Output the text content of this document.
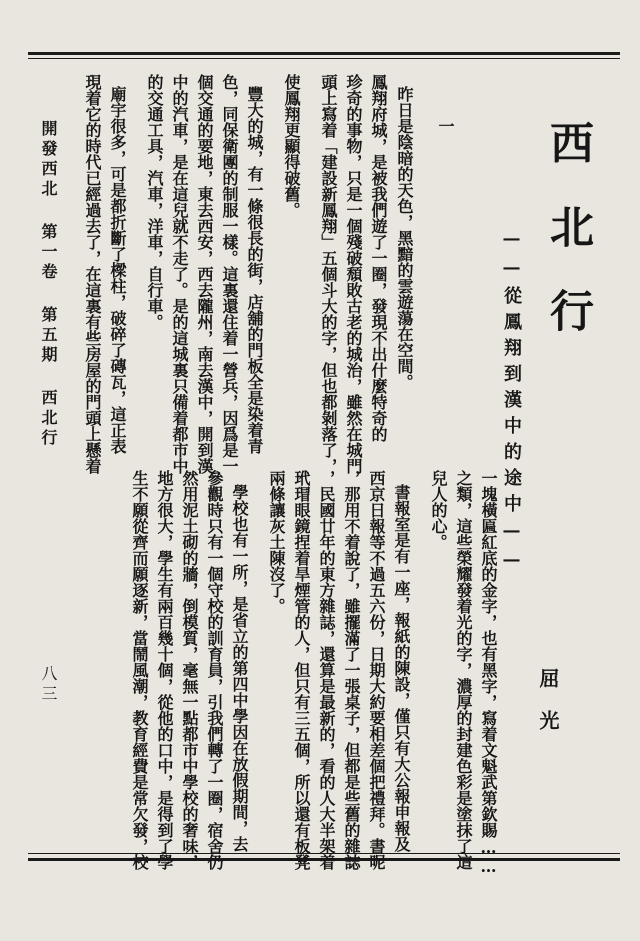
西北行
——從鳳翔到漢中的途中——
屈光
一
昨日是陰暗的天色，黑黯的雲遊蕩在空間。
鳳翔府城，是被我們遊了一圈，發現不出什麼特奇的
珍奇的事物，只是一個殘破頹敗古老的城治，雖然在城門
頭上寫着「建設新鳳翔」五個斗大的字，但也都剝落了，
使鳳翔更顯得破舊。
豐大的城，有一條很長的街，店舖的門板全是染着青
色，同保衛團的制服一樣。這裏還住着一營兵，因爲是一
個交通的要地，東去西安，西去隴州，南去漢中，開到漢
中的汽車，是在這兒就不走了。是的這城裏只備着都市中
的交通工具，汽車，洋車，自行車。
廟宇很多，可是都折斷了樑柱，破碎了磚瓦，這正表
現着它的時代已經過去了，在這裏有些房屋的門頭上懸着
一塊橫匾紅底的金字，也有黑字，寫着文魁武第欽賜……
之類，這些榮耀發着光的字，濃厚的封建色彩是塗抹了這
兒人的心。
書報室是有一座，報紙的陳設，僅只有大公報申報及
西京日報等不過五六份，日期大約要相差個把禮拜。書呢
，那用不着說了，雖擺滿了一張桌子，但都是些舊的雜誌
，民國廿年的東方雜誌，還算是最新的，看的人大半架着
玳瑁眼鏡捏着旱煙管的人，但只有三五個，所以還有板凳
兩條讓灰土陳沒了。
學校也有一所，是省立的第四中學因在放假期間，去
參觀時只有一個守校的訓育員，引我們轉了一圈，宿舍仍
然用泥土砌的牆，倒模質，毫無一點都市中學校的奢味，
地方很大，學生有兩百幾十個，從他的口中，是得到了學
生不願從齊而願逐新，當鬧風潮，教育經費是常欠發，校
開發西北 第一卷 第五期 西北行
八三
